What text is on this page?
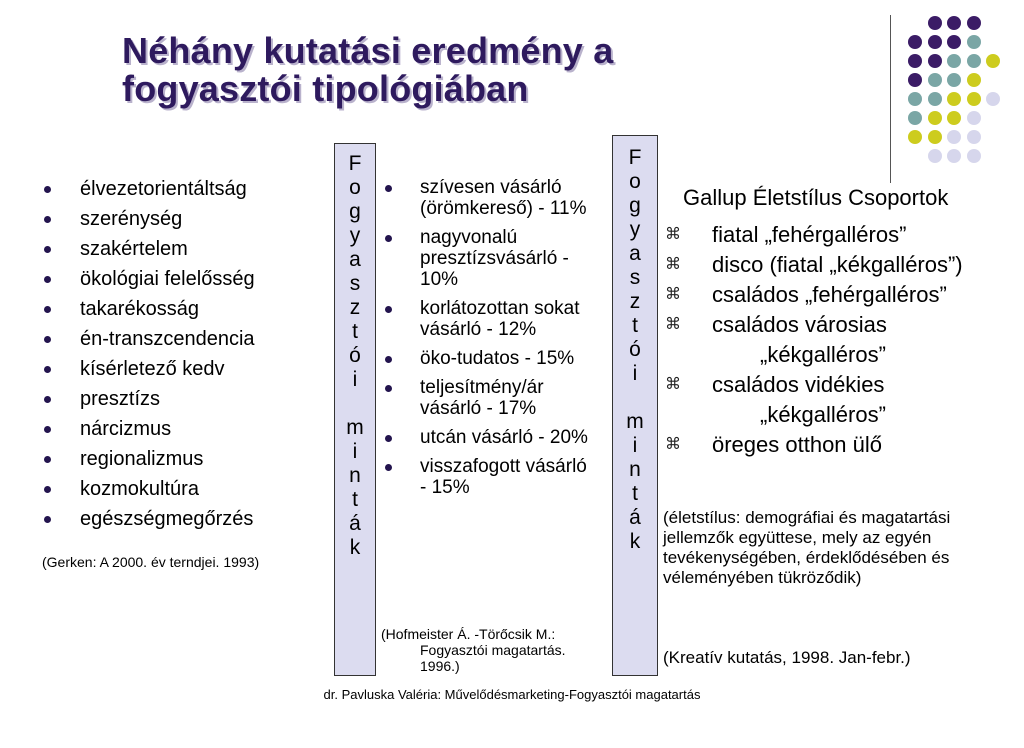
Néhány kutatási eredmény a
fogyasztói tipológiában
élvezetorientáltság
szerénység
szakértelem
ökológiai felelősség
takarékosság
én-transzcendencia
kísérletező kedv
presztízs
nárcizmus
regionalizmus
kozmokultúra
egészségmegőrzés
(Gerken: A 2000. év terndjei. 1993)
F
o
g
y
a
s
z
t
ó
i
m
i
n
t
á
k
szívesen vásárló (örömkereső) - 11%
nagyvonalú presztízsvásárló - 10%
korlátozottan sokat vásárló - 12%
öko-tudatos - 15%
teljesítmény/ár vásárló - 17%
utcán vásárló - 20%
visszafogott vásárló - 15%
(Hofmeister Á. -Törőcsik M.:
Fogyasztói magatartás.
1996.)
F
o
g
y
a
s
z
t
ó
i
m
i
n
t
á
k
Gallup Életstílus Csoportok
⌘ fiatal „fehérgalléros”
⌘ disco (fiatal „kékgalléros”)
⌘ családos „fehérgalléros”
⌘ családos városias
„kékgalléros”
⌘ családos vidékies
„kékgalléros”
⌘ öreges otthon ülő
(életstílus: demográfiai és magatartási jellemzők együttese, mely az egyén tevékenységében, érdeklődésében és véleményében tükröződik)
(Kreatív kutatás, 1998. Jan-febr.)
dr. Pavluska Valéria: Művelődésmarketing-Fogyasztói magatartás
